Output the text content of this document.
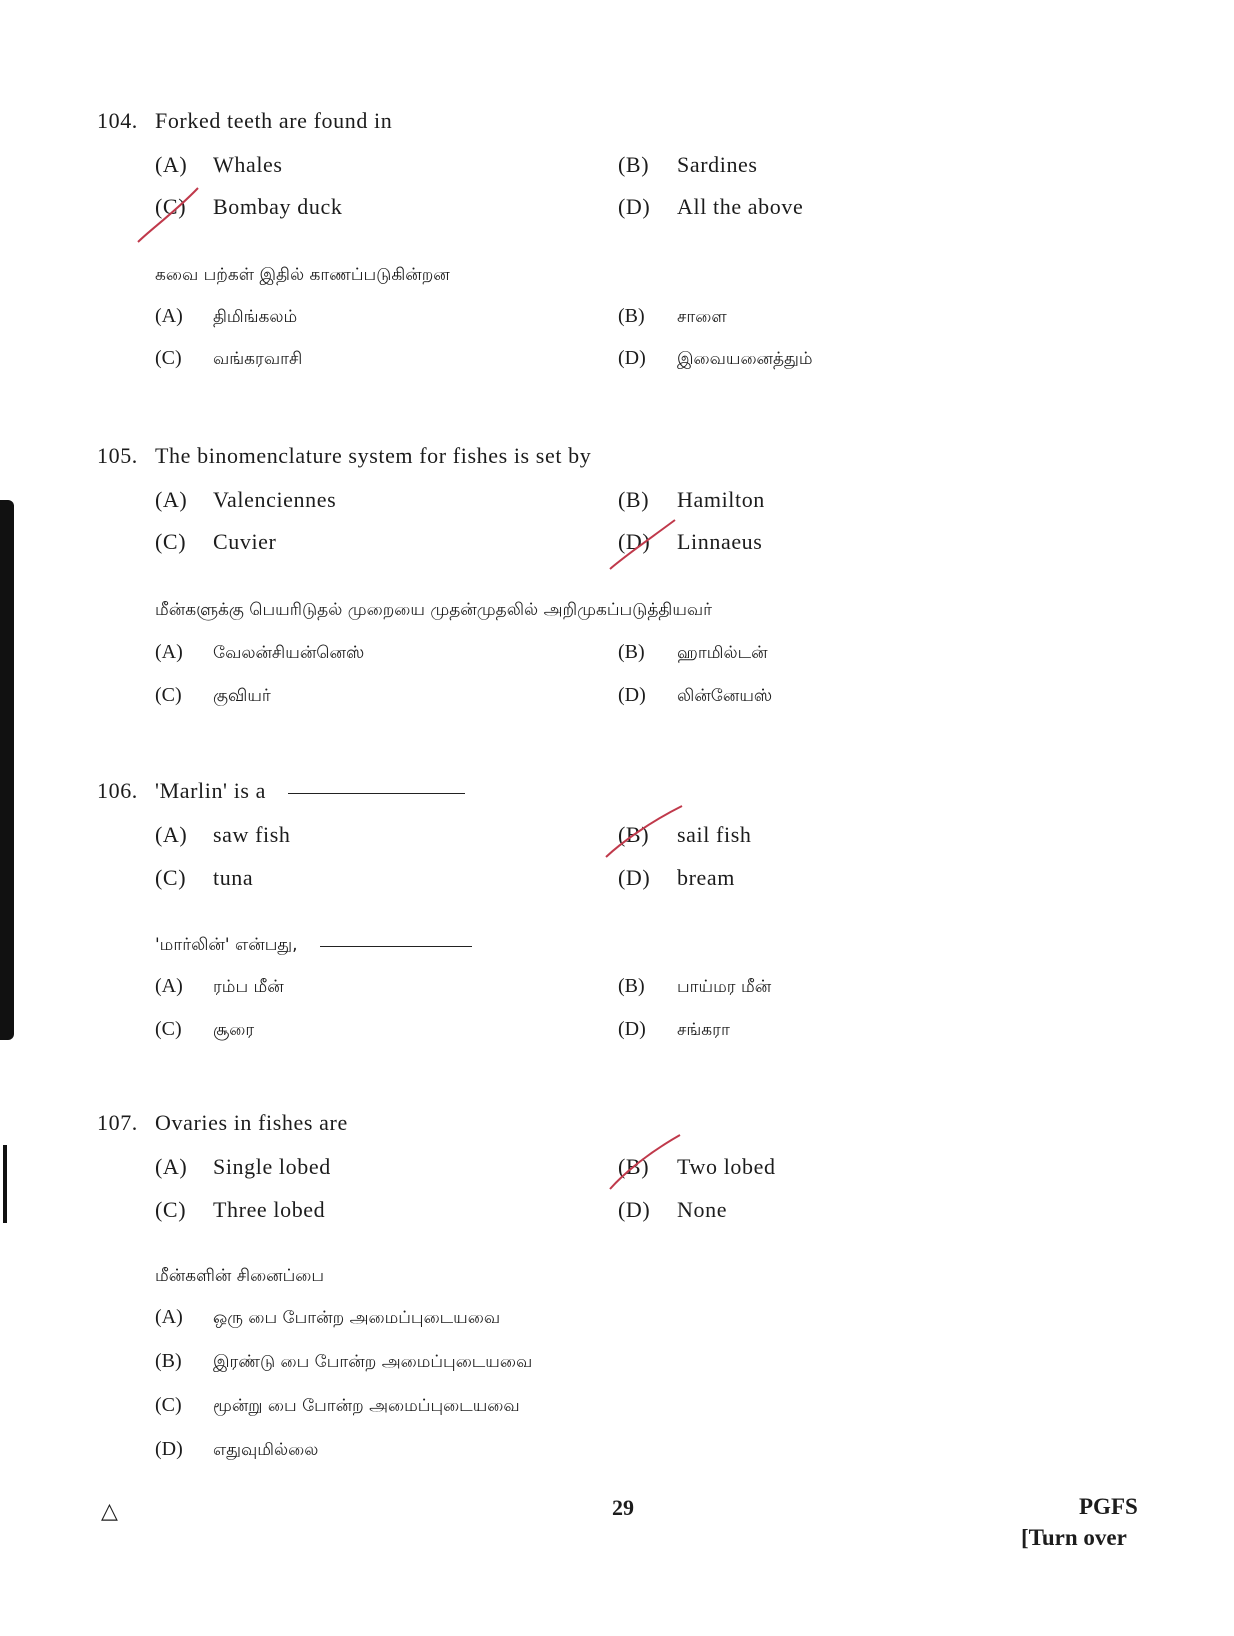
104. Forked teeth are found in
(A) Whales	(B) Sardines
(C) Bombay duck	(D) All the above
கவை பற்கள் இதில் காணப்படுகின்றன
(A) திமிங்கலம்	(B) சாளை
(C) வங்கரவாசி	(D) இவையனைத்தும்
105. The binomenclature system for fishes is set by
(A) Valenciennes	(B) Hamilton
(C) Cuvier	(D) Linnaeus
மீன்களுக்கு பெயரிடுதல் முறையை முதன்முதலில் அறிமுகப்படுத்தியவர்
(A) வேலன்சியன்னெஸ்	(B) ஹாமில்டன்
(C) குவியர்	(D) லின்னேயஸ்
106. 'Marlin' is a
(A) saw fish	(B) sail fish
(C) tuna	(D) bream
'மார்லின்' என்பது,
(A) ரம்ப மீன்	(B) பாய்மர மீன்
(C) சூரை	(D) சங்கரா
107. Ovaries in fishes are
(A) Single lobed	(B) Two lobed
(C) Three lobed	(D) None
மீன்களின் சினைப்பை
(A) ஒரு பை போன்ற அமைப்புடையவை
(B) இரண்டு பை போன்ற அமைப்புடையவை
(C) மூன்று பை போன்ற அமைப்புடையவை
(D) எதுவுமில்லை
△	29	PGFS
[Turn over
